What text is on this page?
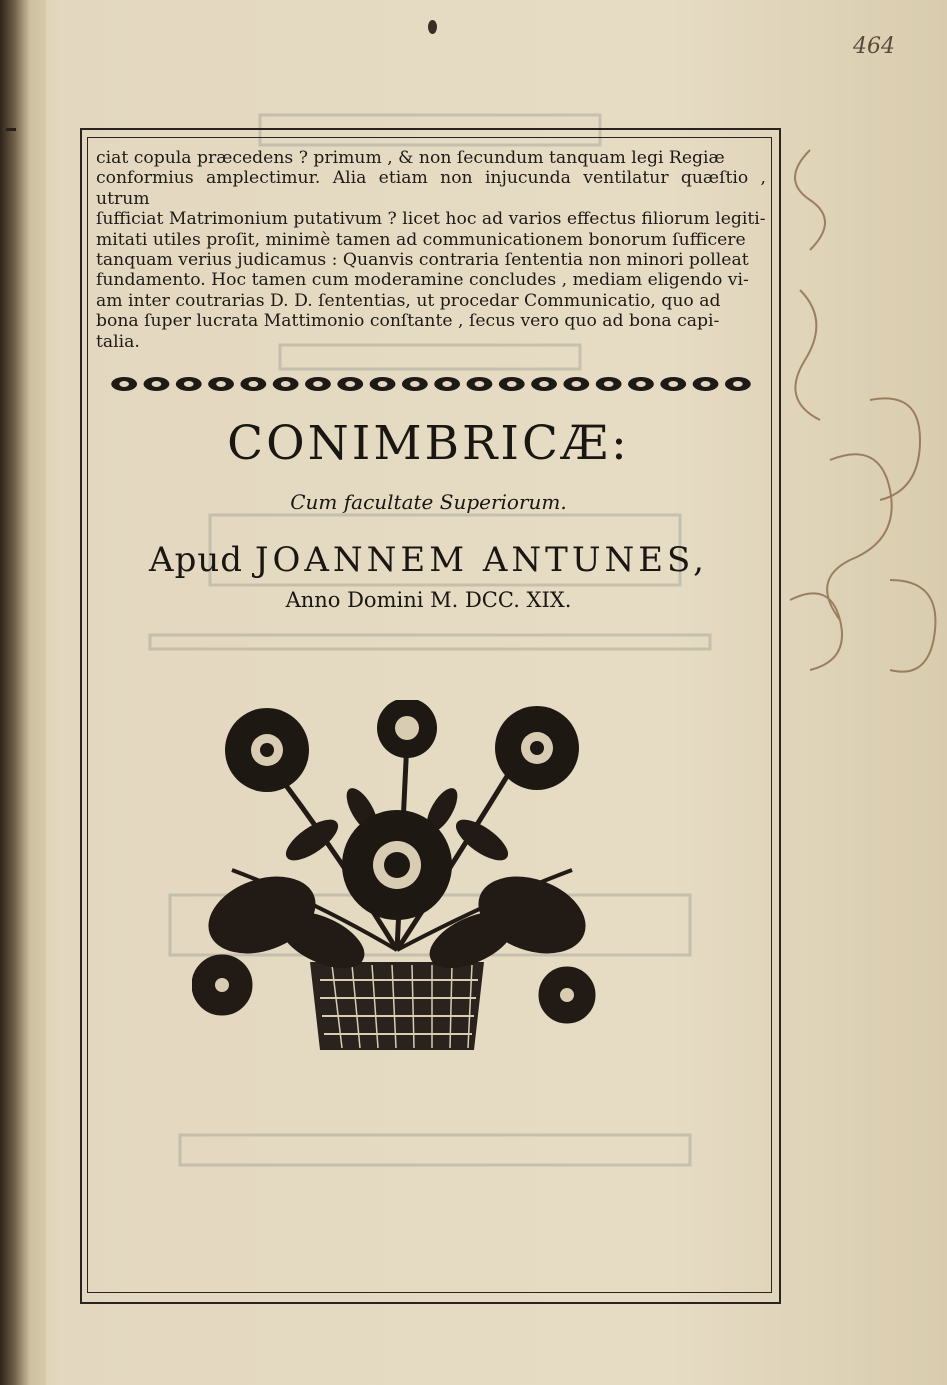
464
ciat copula præcedens ? primum , & non ſecundum tanquam legi Regiæ
conformius amplectimur. Alia etiam non injucunda ventilatur quæſtio , utrum
ſufficiat Matrimonium putativum ? licet hoc ad varios effectus filiorum legiti-
mitati utiles proſit, minimè tamen ad communicationem bonorum ſufficere
tanquam verius judicamus : Quanvis contraria ſententia non minori polleat
fundamento. Hoc tamen cum moderamine concludes , mediam eligendo vi-
am inter coutrarias D. D. ſententias, ut procedar Communicatio, quo ad
bona ſuper lucrata Mattimonio conſtante , ſecus vero quo ad bona capi-
talia.
CONIMBRICÆ:
Cum facultate Superiorum.
Apud JOANNEM ANTUNES,
Anno Domini M. DCC. XIX.
